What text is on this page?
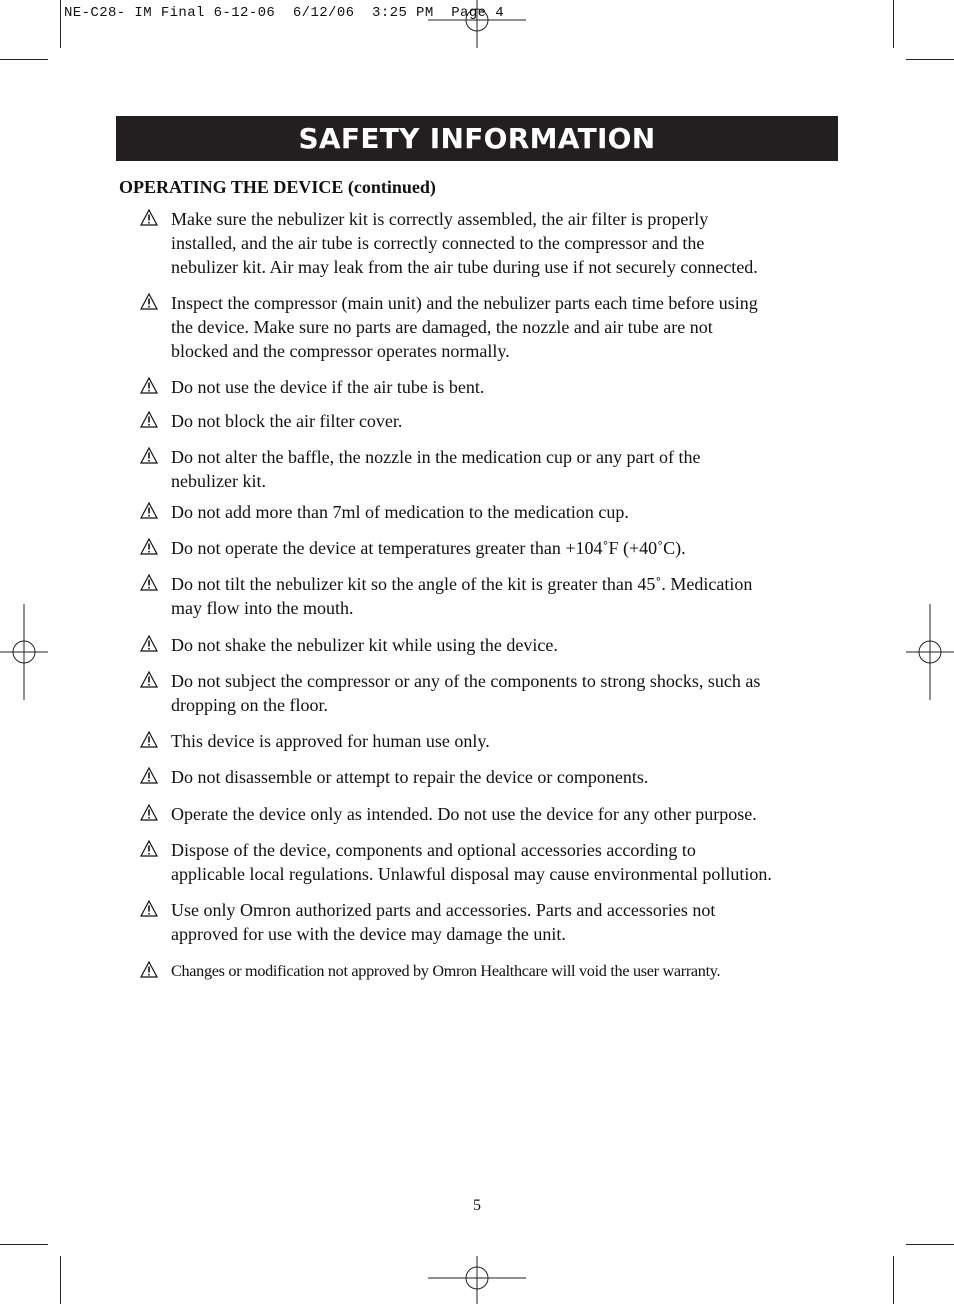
NE-C28- IM Final 6-12-06  6/12/06  3:25 PM  Page 4
SAFETY INFORMATION
OPERATING THE DEVICE (continued)
Make sure the nebulizer kit is correctly assembled, the air filter is properly
installed, and the air tube is correctly connected to the compressor and the
nebulizer kit. Air may leak from the air tube during use if not securely connected.
Inspect the compressor (main unit) and the nebulizer parts each time before using
the device. Make sure no parts are damaged, the nozzle and air tube are not
blocked and the compressor operates normally.
Do not use the device if the air tube is bent.
Do not block the air filter cover.
Do not alter the baffle, the nozzle in the medication cup or any part of the
nebulizer kit.
Do not add more than 7ml of medication to the medication cup.
Do not operate the device at temperatures greater than +104˚F (+40˚C).
Do not tilt the nebulizer kit so the angle of the kit is greater than 45˚. Medication
may flow into the mouth.
Do not shake the nebulizer kit while using the device.
Do not subject the compressor or any of the components to strong shocks, such as
dropping on the floor.
This device is approved for human use only.
Do not disassemble or attempt to repair the device or components.
Operate the device only as intended. Do not use the device for any other purpose.
Dispose of the device, components and optional accessories according to
applicable local regulations. Unlawful disposal may cause environmental pollution.
Use only Omron authorized parts and accessories. Parts and accessories not
approved for use with the device may damage the unit.
Changes or modification not approved by Omron Healthcare will void the user warranty.
5
